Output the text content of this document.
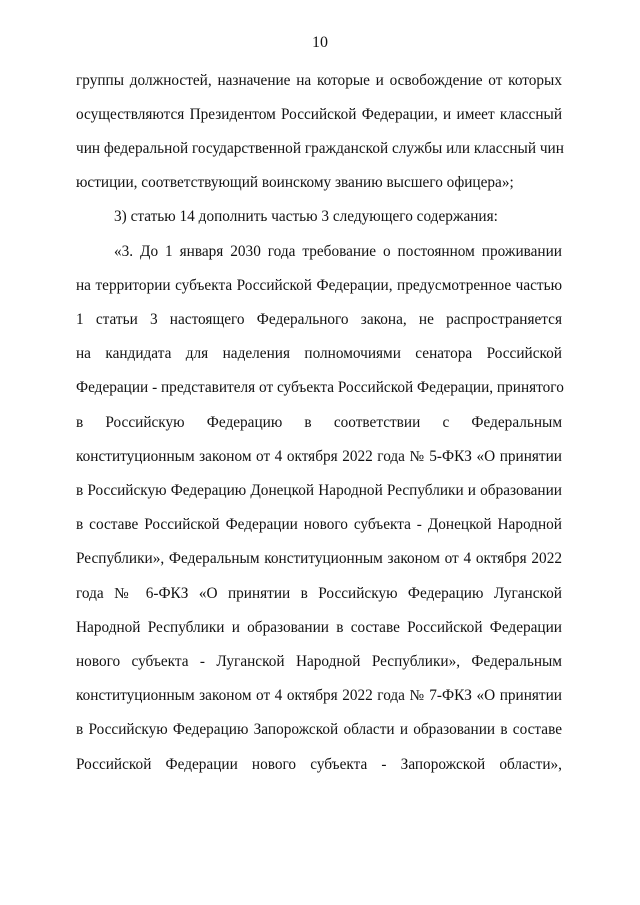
10
группы должностей, назначение на которые и освобождение от которых
осуществляются Президентом Российской Федерации, и имеет классный
чин федеральной государственной гражданской службы или классный чин
юстиции, соответствующий воинскому званию высшего офицера»;
3) статью 14 дополнить частью 3 следующего содержания:
«3. До 1 января 2030 года требование о постоянном проживании
на территории субъекта Российской Федерации, предусмотренное частью
1 статьи 3 настоящего Федерального закона, не распространяется
на кандидата для наделения полномочиями сенатора Российской
Федерации - представителя от субъекта Российской Федерации, принятого
в Российскую Федерацию в соответствии с Федеральным
конституционным законом от 4 октября 2022 года № 5-ФКЗ «О принятии
в Российскую Федерацию Донецкой Народной Республики и образовании
в составе Российской Федерации нового субъекта - Донецкой Народной
Республики», Федеральным конституционным законом от 4 октября 2022
года № 6-ФКЗ «О принятии в Российскую Федерацию Луганской
Народной Республики и образовании в составе Российской Федерации
нового субъекта - Луганской Народной Республики», Федеральным
конституционным законом от 4 октября 2022 года № 7-ФКЗ «О принятии
в Российскую Федерацию Запорожской области и образовании в составе
Российской Федерации нового субъекта - Запорожской области»,
